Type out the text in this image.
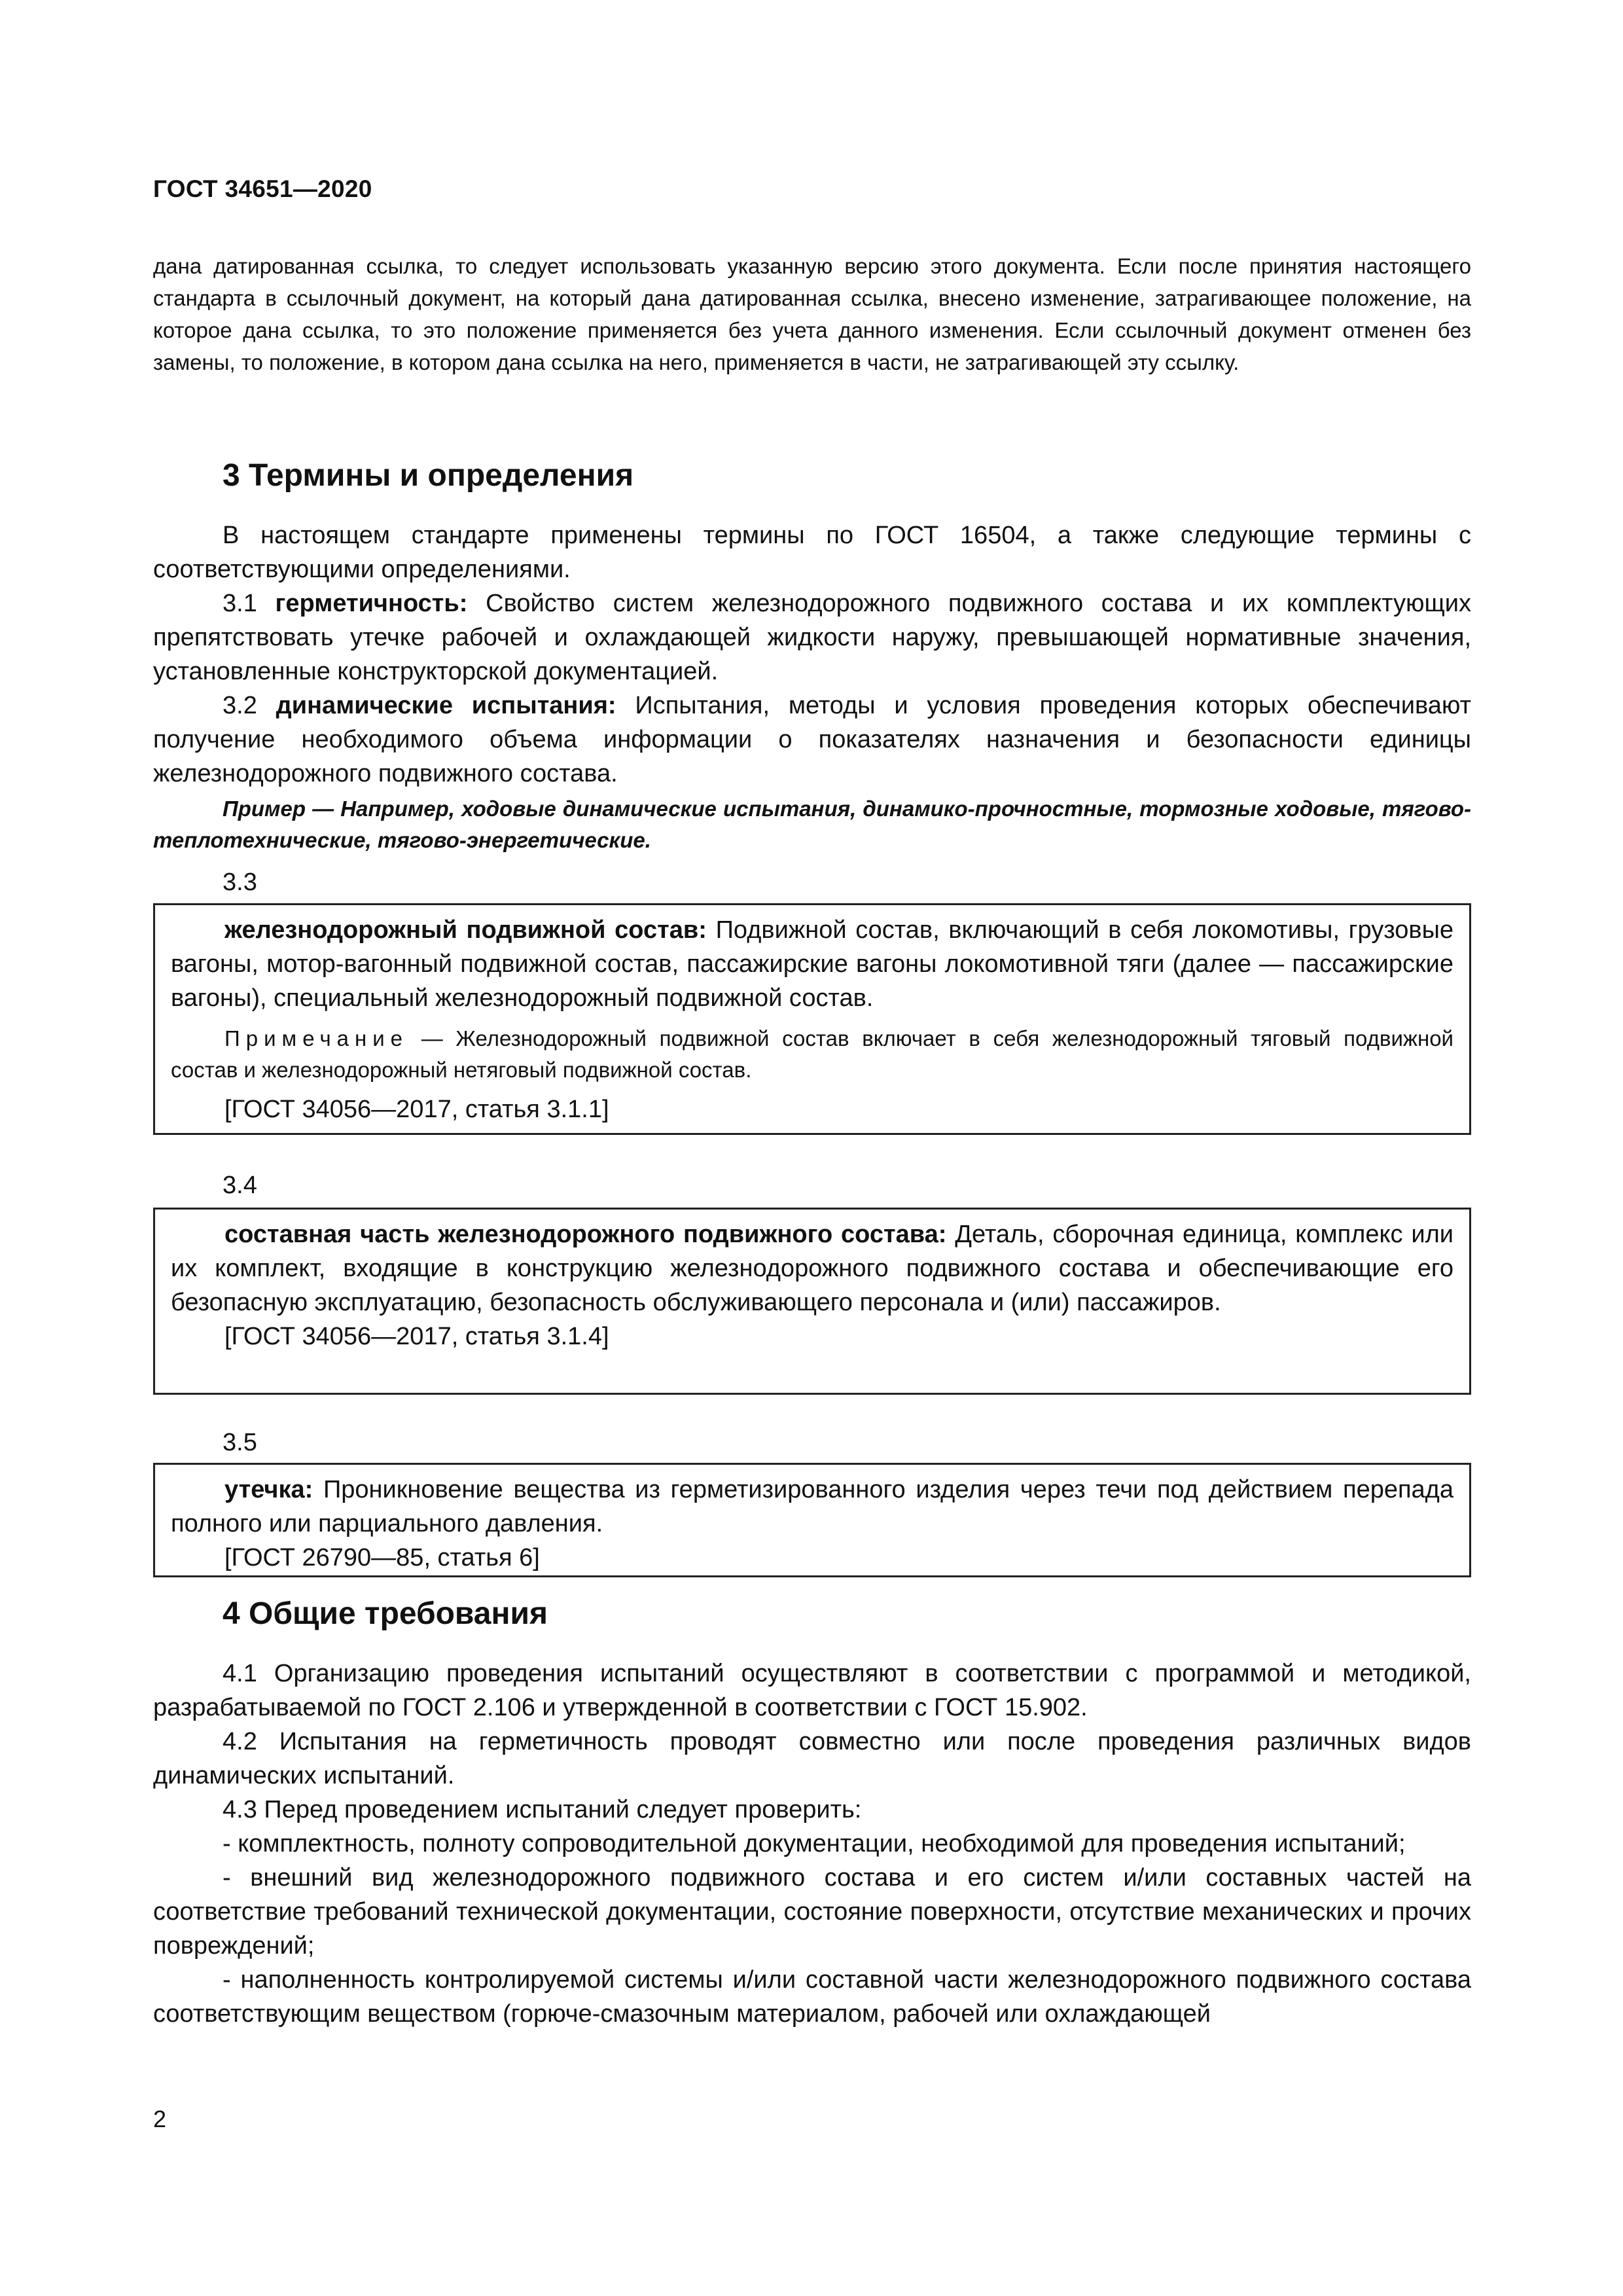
ГОСТ 34651—2020

дана датированная ссылка, то следует использовать указанную версию этого документа. Если после принятия настоящего стандарта в ссылочный документ, на который дана датированная ссылка, внесено изменение, затрагивающее положение, на которое дана ссылка, то это положение применяется без учета данного изменения. Если ссылочный документ отменен без замены, то положение, в котором дана ссылка на него, применяется в части, не затрагивающей эту ссылку.

3 Термины и определения

В настоящем стандарте применены термины по ГОСТ 16504, а также следующие термины с соответствующими определениями.

3.1 герметичность: Свойство систем железнодорожного подвижного состава и их комплектующих препятствовать утечке рабочей и охлаждающей жидкости наружу, превышающей нормативные значения, установленные конструкторской документацией.

3.2 динамические испытания: Испытания, методы и условия проведения которых обеспечивают получение необходимого объема информации о показателях назначения и безопасности единицы железнодорожного подвижного состава.

Пример — Например, ходовые динамические испытания, динамико-прочностные, тормозные ходовые, тягово-теплотехнические, тягово-энергетические.

3.3

железнодорожный подвижной состав: Подвижной состав, включающий в себя локомотивы, грузовые вагоны, мотор-вагонный подвижной состав, пассажирские вагоны локомотивной тяги (далее — пассажирские вагоны), специальный железнодорожный подвижной состав.

Примечание — Железнодорожный подвижной состав включает в себя железнодорожный тяговый подвижной состав и железнодорожный нетяговый подвижной состав.

[ГОСТ 34056—2017, статья 3.1.1]

3.4

составная часть железнодорожного подвижного состава: Деталь, сборочная единица, комплекс или их комплект, входящие в конструкцию железнодорожного подвижного состава и обеспечивающие его безопасную эксплуатацию, безопасность обслуживающего персонала и (или) пассажиров.

[ГОСТ 34056—2017, статья 3.1.4]

3.5

утечка: Проникновение вещества из герметизированного изделия через течи под действием перепада полного или парциального давления.

[ГОСТ 26790—85, статья 6]

4 Общие требования

4.1 Организацию проведения испытаний осуществляют в соответствии с программой и методикой, разрабатываемой по ГОСТ 2.106 и утвержденной в соответствии с ГОСТ 15.902.

4.2 Испытания на герметичность проводят совместно или после проведения различных видов динамических испытаний.

4.3 Перед проведением испытаний следует проверить:

- комплектность, полноту сопроводительной документации, необходимой для проведения испытаний;

- внешний вид железнодорожного подвижного состава и его систем и/или составных частей на соответствие требований технической документации, состояние поверхности, отсутствие механических и прочих повреждений;

- наполненность контролируемой системы и/или составной части железнодорожного подвижного состава соответствующим веществом (горюче-смазочным материалом, рабочей или охлаждающей

2
